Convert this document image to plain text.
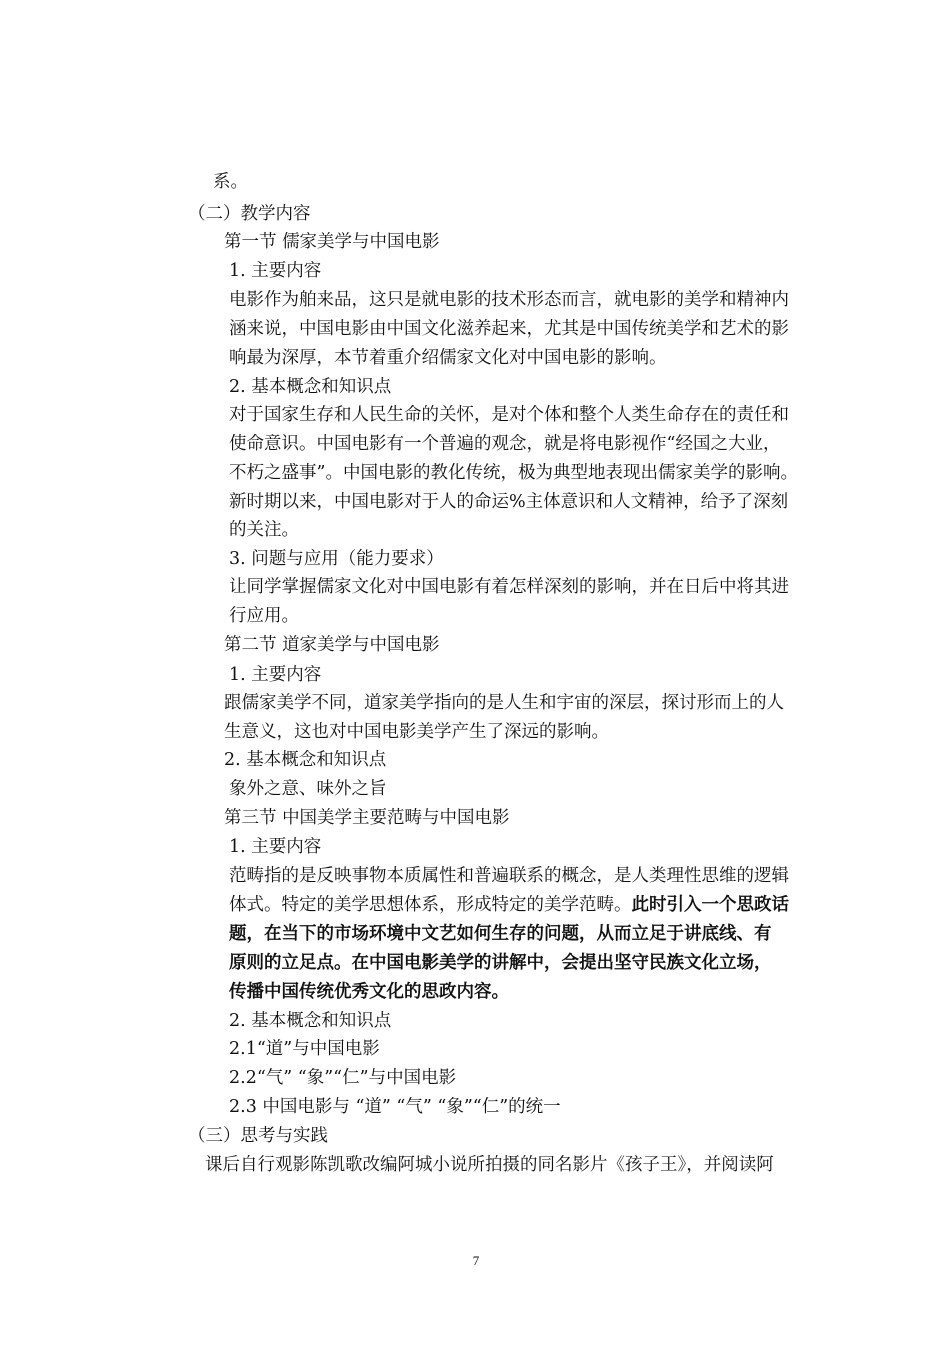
系。
（二）教学内容
第一节 儒家美学与中国电影
1. 主要内容
电影作为舶来品，这只是就电影的技术形态而言，就电影的美学和精神内
涵来说，中国电影由中国文化滋养起来，尤其是中国传统美学和艺术的影
响最为深厚，本节着重介绍儒家文化对中国电影的影响。
2. 基本概念和知识点
对于国家生存和人民生命的关怀，是对个体和整个人类生命存在的责任和
使命意识。中国电影有一个普遍的观念，就是将电影视作“经国之大业，
不朽之盛事”。中国电影的教化传统，极为典型地表现出儒家美学的影响。
新时期以来，中国电影对于人的命运%主体意识和人文精神，给予了深刻
的关注。
3. 问题与应用（能力要求）
让同学掌握儒家文化对中国电影有着怎样深刻的影响，并在日后中将其进
行应用。
第二节 道家美学与中国电影
1. 主要内容
跟儒家美学不同，道家美学指向的是人生和宇宙的深层，探讨形而上的人
生意义，这也对中国电影美学产生了深远的影响。
2. 基本概念和知识点
象外之意、味外之旨
第三节 中国美学主要范畴与中国电影
1. 主要内容
范畴指的是反映事物本质属性和普遍联系的概念，是人类理性思维的逻辑
体式。特定的美学思想体系，形成特定的美学范畴。此时引入一个思政话
题，在当下的市场环境中文艺如何生存的问题，从而立足于讲底线、有
原则的立足点。在中国电影美学的讲解中，会提出坚守民族文化立场，
传播中国传统优秀文化的思政内容。
2. 基本概念和知识点
2.1“道”与中国电影
2.2“气” “象”“仁”与中国电影
2.3 中国电影与 “道” “气” “象”“仁”的统一
（三）思考与实践
课后自行观影陈凯歌改编阿城小说所拍摄的同名影片《孩子王》，并阅读阿
7
